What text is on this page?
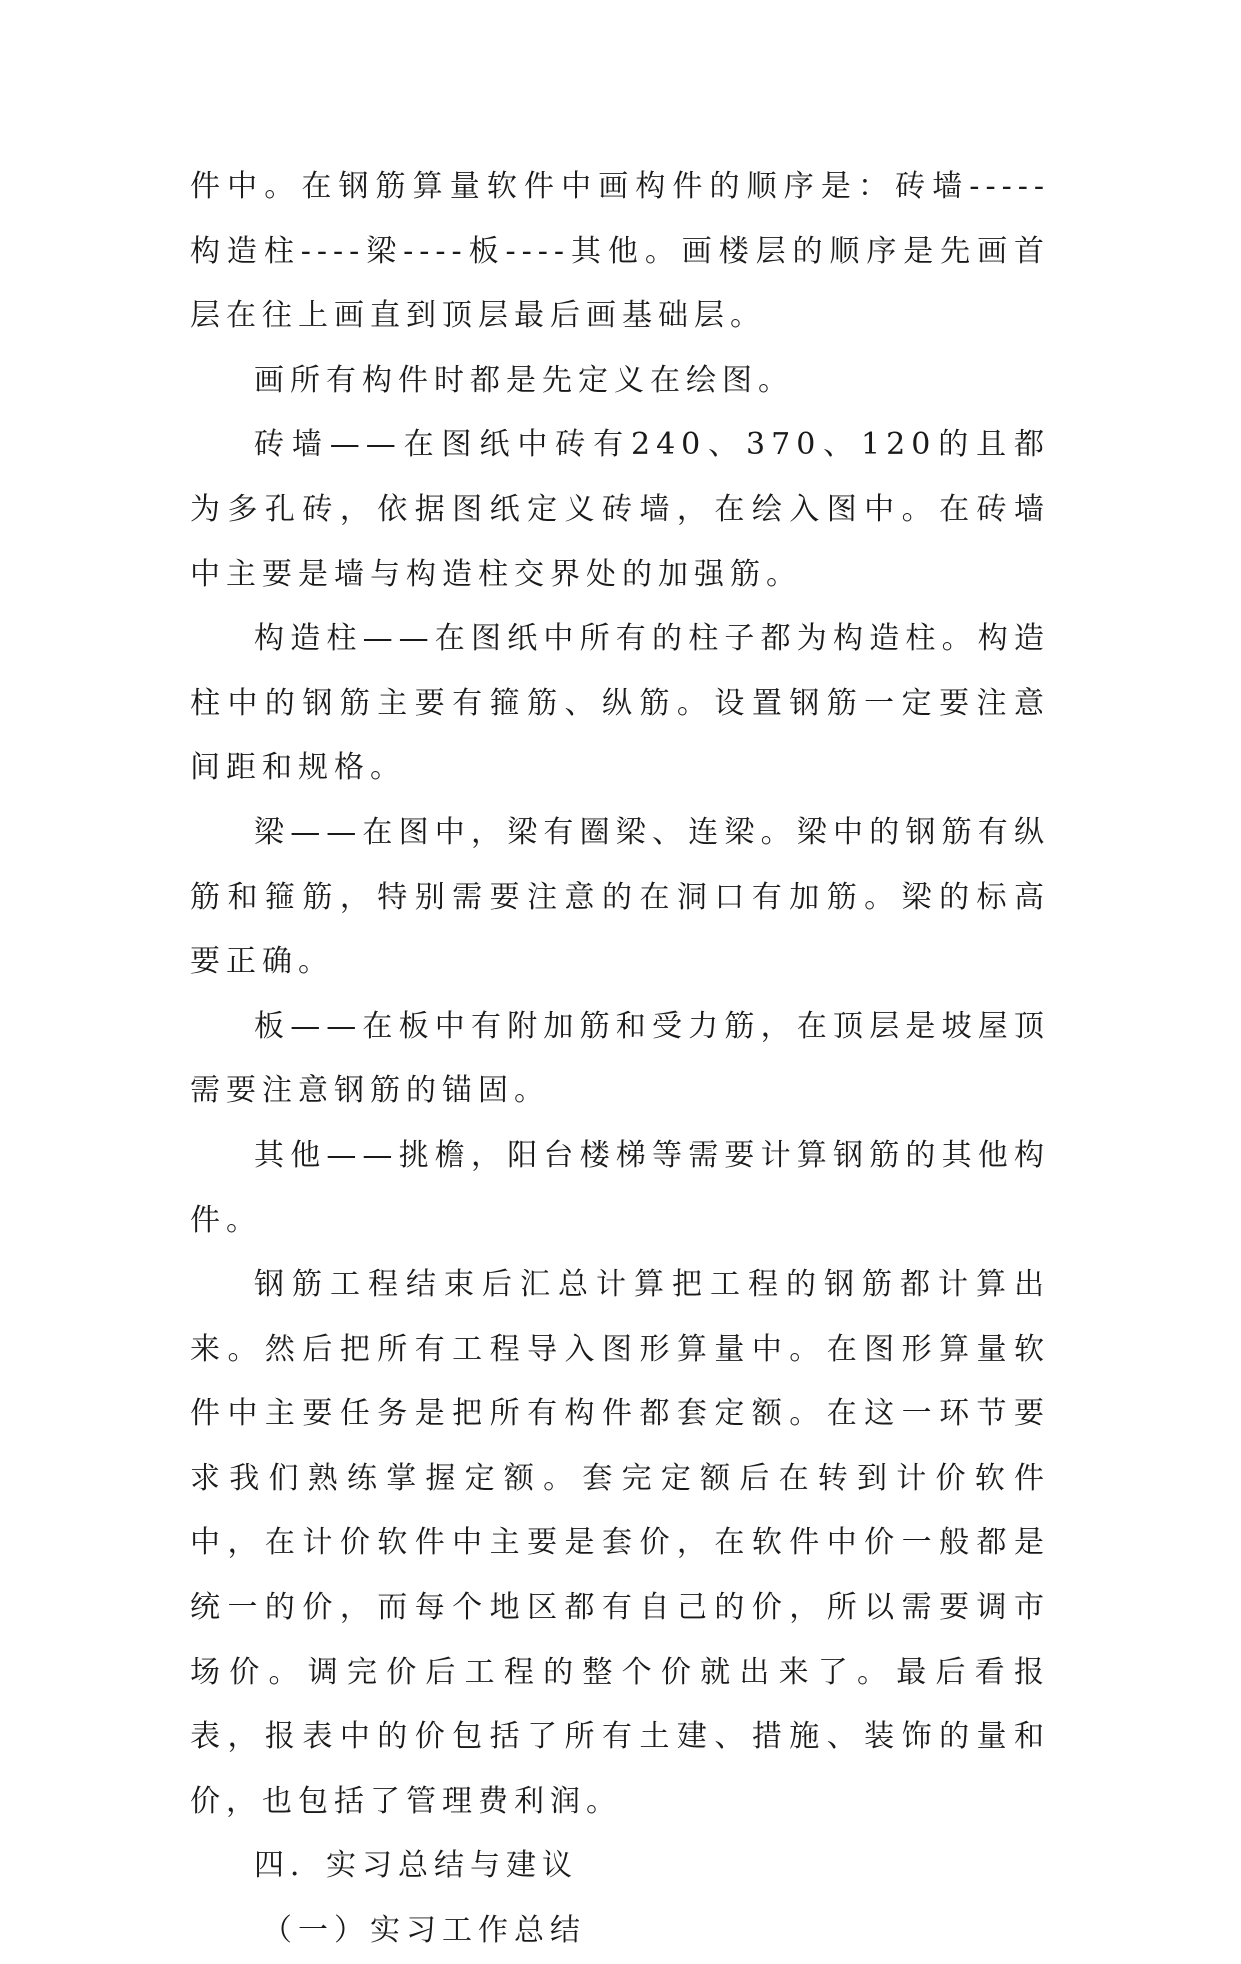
件中。在钢筋算量软件中画构件的顺序是：砖墙-----构造柱----梁----板----其他。画楼层的顺序是先画首层在往上画直到顶层最后画基础层。

画所有构件时都是先定义在绘图。

砖墙——在图纸中砖有240、370、120的且都为多孔砖，依据图纸定义砖墙，在绘入图中。在砖墙中主要是墙与构造柱交界处的加强筋。

构造柱——在图纸中所有的柱子都为构造柱。构造柱中的钢筋主要有箍筋、纵筋。设置钢筋一定要注意间距和规格。

梁——在图中，梁有圈梁、连梁。梁中的钢筋有纵筋和箍筋，特别需要注意的在洞口有加筋。梁的标高要正确。

板——在板中有附加筋和受力筋，在顶层是坡屋顶需要注意钢筋的锚固。

其他——挑檐，阳台楼梯等需要计算钢筋的其他构件。

钢筋工程结束后汇总计算把工程的钢筋都计算出来。然后把所有工程导入图形算量中。在图形算量软件中主要任务是把所有构件都套定额。在这一环节要求我们熟练掌握定额。套完定额后在转到计价软件中，在计价软件中主要是套价，在软件中价一般都是统一的价，而每个地区都有自己的价，所以需要调市场价。调完价后工程的整个价就出来了。最后看报表，报表中的价包括了所有土建、措施、装饰的量和价，也包括了管理费利润。

四．实习总结与建议

（一）实习工作总结
